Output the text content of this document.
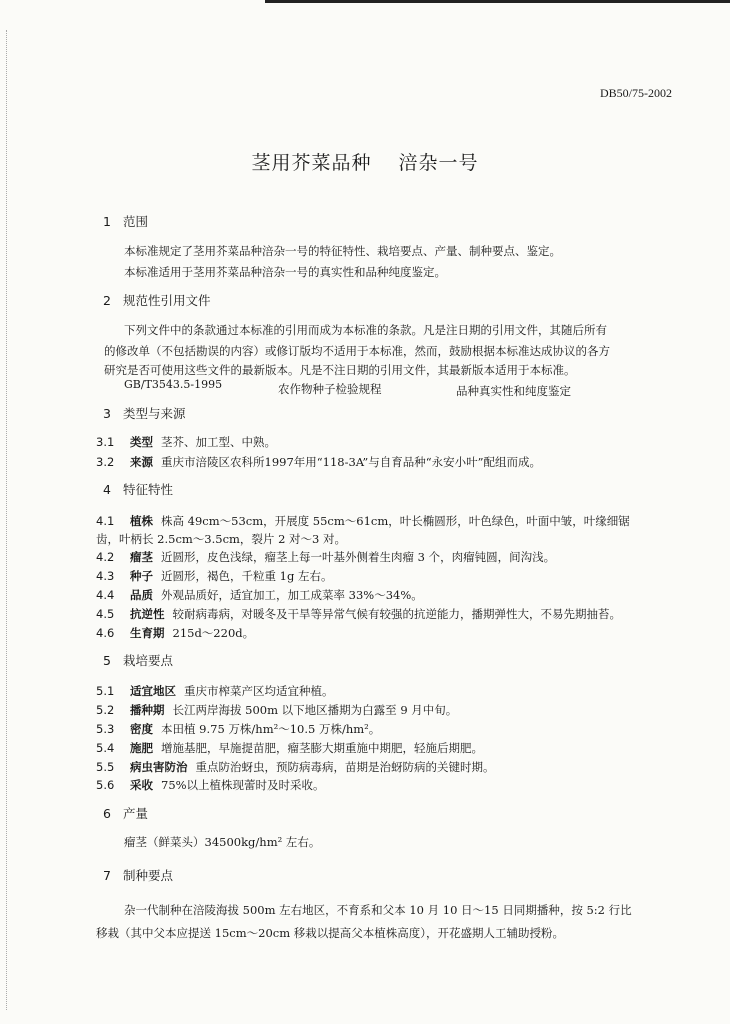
DB50/75-2002
茎用芥菜品种 涪杂一号
1 范围
本标准规定了茎用芥菜品种涪杂一号的特征特性、栽培要点、产量、制种要点、鉴定。
本标准适用于茎用芥菜品种涪杂一号的真实性和品种纯度鉴定。
2 规范性引用文件
下列文件中的条款通过本标准的引用而成为本标准的条款。凡是注日期的引用文件，其随后所有
的修改单（不包括勘误的内容）或修订版均不适用于本标准，然而，鼓励根据本标准达成协议的各方
研究是否可使用这些文件的最新版本。凡是不注日期的引用文件，其最新版本适用于本标准。
GB/T3543.5-1995	农作物种子检验规程	品种真实性和纯度鉴定
3 类型与来源
3.1 类型 茎芥、加工型、中熟。
3.2 来源 重庆市涪陵区农科所1997年用“118-3A”与自育品种“永安小叶”配组而成。
4 特征特性
4.1 植株 株高 49cm～53cm，开展度 55cm～61cm，叶长椭圆形，叶色绿色，叶面中皱，叶缘细锯
齿，叶柄长 2.5cm～3.5cm，裂片 2 对～3 对。
4.2 瘤茎 近圆形，皮色浅绿，瘤茎上每一叶基外侧着生肉瘤 3 个，肉瘤钝圆，间沟浅。
4.3 种子 近圆形，褐色，千粒重 1g 左右。
4.4 品质 外观品质好，适宜加工，加工成菜率 33%～34%。
4.5 抗逆性 较耐病毒病，对暖冬及干旱等异常气候有较强的抗逆能力，播期弹性大，不易先期抽苔。
4.6 生育期 215d～220d。
5 栽培要点
5.1 适宜地区 重庆市榨菜产区均适宜种植。
5.2 播种期 长江两岸海拔 500m 以下地区播期为白露至 9 月中旬。
5.3 密度 本田植 9.75 万株/hm²～10.5 万株/hm²。
5.4 施肥 增施基肥，早施提苗肥，瘤茎膨大期重施中期肥，轻施后期肥。
5.5 病虫害防治 重点防治蚜虫，预防病毒病，苗期是治蚜防病的关键时期。
5.6 采收 75%以上植株现蕾时及时采收。
6 产量
瘤茎（鲜菜头）34500kg/hm² 左右。
7 制种要点
杂一代制种在涪陵海拔 500m 左右地区，不育系和父本 10 月 10 日～15 日同期播种，按 5:2 行比
移栽（其中父本应提送 15cm～20cm 移栽以提高父本植株高度），开花盛期人工辅助授粉。
